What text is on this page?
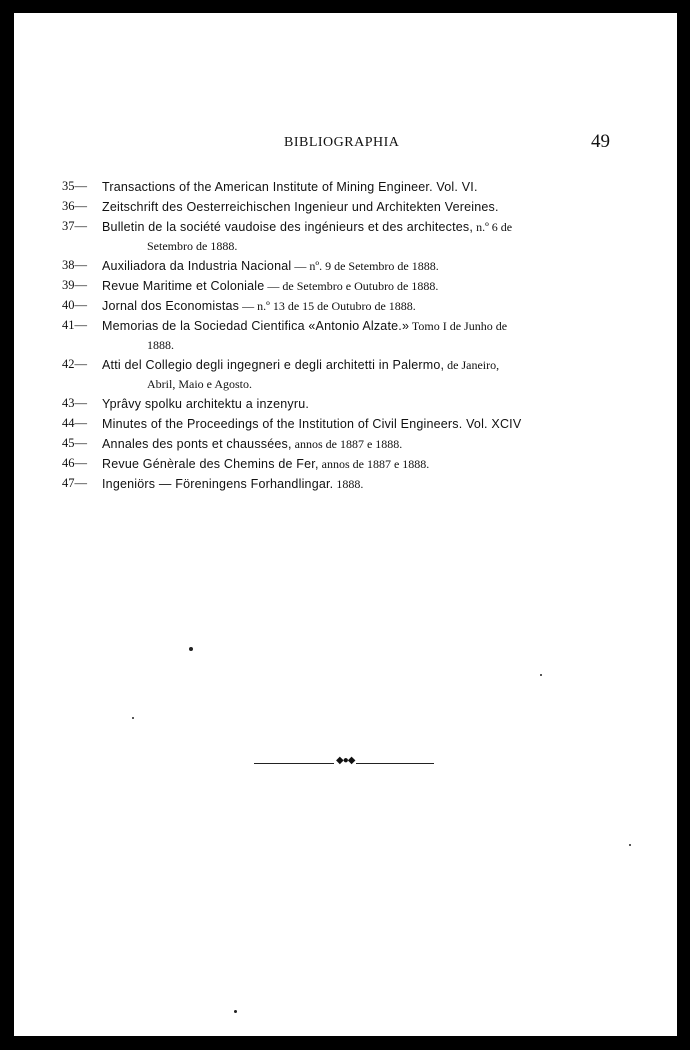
BIBLIOGRAPHIA	49
35— Transactions of the American Institute of Mining Engineer. Vol. VI.
36— Zeitschrift des Oesterreichischen Ingenieur und Architekten Vereines.
37— Bulletin de la société vaudoise des ingénieurs et des architectes, n.º 6 de
Setembro de 1888.
38— Auxiliadora da Industria Nacional — nº. 9 de Setembro de 1888.
39— Revue Maritime et Coloniale — de Setembro e Outubro de 1888.
40— Jornal dos Economistas — n.º 13 de 15 de Outubro de 1888.
41— Memorias de la Sociedad Cientifica «Antonio Alzate.» Tomo I de Junho de
1888.
42— Atti del Collegio degli ingegneri e degli architetti in Palermo, de Janeiro,
Abril, Maio e Agosto.
43— Yprâvy spolku architektu a inzenyru.
44— Minutes of the Proceedings of the Institution of Civil Engineers. Vol. XCIV
45— Annales des ponts et chaussées, annos de 1887 e 1888.
46— Revue Génèrale des Chemins de Fer, annos de 1887 e 1888.
47— Ingeniörs — Föreningens Forhandlingar. 1888.
◆●◆
